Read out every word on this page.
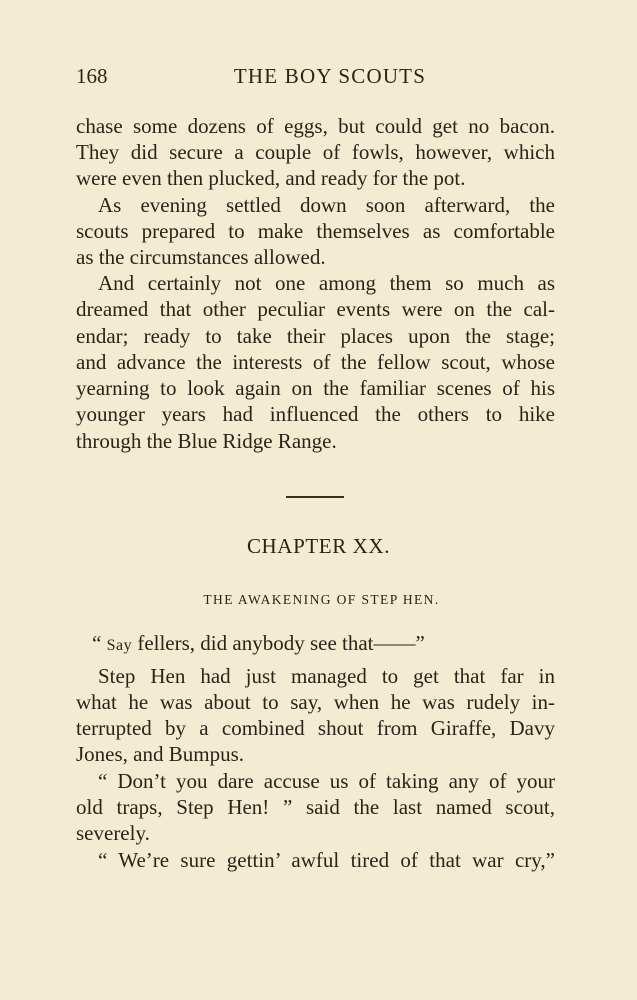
168	THE BOY SCOUTS
chase some dozens of eggs, but could get no bacon.
They did secure a couple of fowls, however, which
were even then plucked, and ready for the pot.
As evening settled down soon afterward, the
scouts prepared to make themselves as comfortable
as the circumstances allowed.
And certainly not one among them so much as
dreamed that other peculiar events were on the cal-
endar; ready to take their places upon the stage;
and advance the interests of the fellow scout, whose
yearning to look again on the familiar scenes of his
younger years had influenced the others to hike
through the Blue Ridge Range.
CHAPTER XX.
THE AWAKENING OF STEP HEN.
“ Say fellers, did anybody see that——”
Step Hen had just managed to get that far in
what he was about to say, when he was rudely in-
terrupted by a combined shout from Giraffe, Davy
Jones, and Bumpus.
“ Don’t you dare accuse us of taking any of your
old traps, Step Hen! ” said the last named scout,
severely.
“ We’re sure gettin’ awful tired of that war cry,”
